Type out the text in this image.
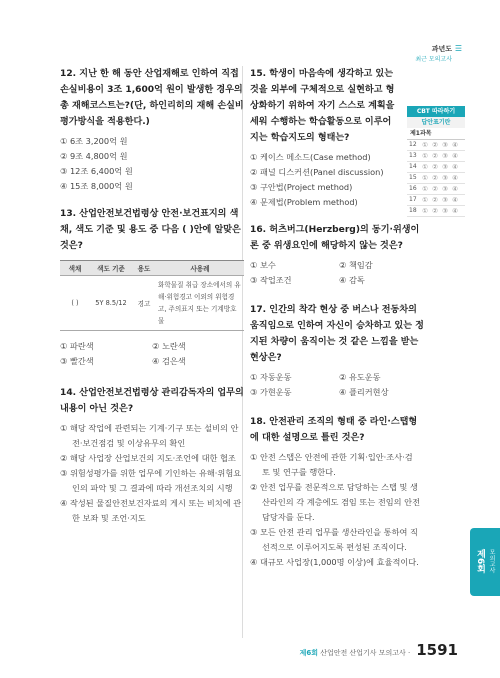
과년도
최근 모의고사
☰
12. 지난 한 해 동안 산업재해로 인하여 직접 손실비용이 3조 1,600억 원이 발생한 경우의 총 재해코스트는?(단, 하인리히의 재해 손실비 평가방식을 적용한다.)
① 6조 3,200억 원
② 9조 4,800억 원
③ 12조 6,400억 원
④ 15조 8,000억 원
13. 산업안전보건법령상 안전·보건표지의 색채, 색도 기준 및 용도 중 다음 ( )안에 알맞은 것은?
색채	색도 기준	용도	사용례
( )	5Y 8.5/12	경고	화학물질 취급 장소에서의 유해·위험경고 이외의 위험경고, 주의표지 또는 기계방호물
① 파란색	② 노란색
③ 빨간색	④ 검은색
14. 산업안전보건법령상 관리감독자의 업무의 내용이 아닌 것은?
① 해당 작업에 관련되는 기계·기구 또는 설비의 안전·보건점검 및 이상유무의 확인
② 해당 사업장 산업보건의 지도·조언에 대한 협조
③ 위험성평가를 위한 업무에 기인하는 유해·위험요인의 파악 및 그 결과에 따라 개선조치의 시행
④ 작성된 물질안전보건자료의 게시 또는 비치에 관한 보좌 및 조언·지도
15. 학생이 마음속에 생각하고 있는 것을 외부에 구체적으로 실현하고 형상화하기 위하여 자기 스스로 계획을 세워 수행하는 학습활동으로 이루어지는 학습지도의 형태는?
① 케이스 메소드(Case method)
② 패널 디스커션(Panel discussion)
③ 구안법(Project method)
④ 문제법(Problem method)
16. 허츠버그(Herzberg)의 동기·위생이론 중 위생요인에 해당하지 않는 것은?
① 보수	② 책임감
③ 작업조건	④ 감독
17. 인간의 착각 현상 중 버스나 전동차의 움직임으로 인하여 자신이 승차하고 있는 정지된 차량이 움직이는 것 같은 느낌을 받는 현상은?
① 자동운동	② 유도운동
③ 가현운동	④ 플리커현상
18. 안전관리 조직의 형태 중 라인·스탭형에 대한 설명으로 틀린 것은?
① 안전 스탭은 안전에 관한 기획·입안·조사·검토 및 연구를 행한다.
② 안전 업무를 전문적으로 담당하는 스탭 및 생산라인의 각 계층에도 겸임 또는 전임의 안전담당자를 둔다.
③ 모든 안전 관리 업무를 생산라인을 통하여 직선적으로 이루어지도록 편성된 조직이다.
④ 대규모 사업장(1,000명 이상)에 효율적이다.
CBT 따라하기
답안표기란
제1과목
12 ① ② ③ ④
13 ① ② ③ ④
14 ① ② ③ ④
15 ① ② ③ ④
16 ① ② ③ ④
17 ① ② ③ ④
18 ① ② ③ ④
모의고사
제6회
제6회 산업안전 산업기사 모의고사 · 1591
